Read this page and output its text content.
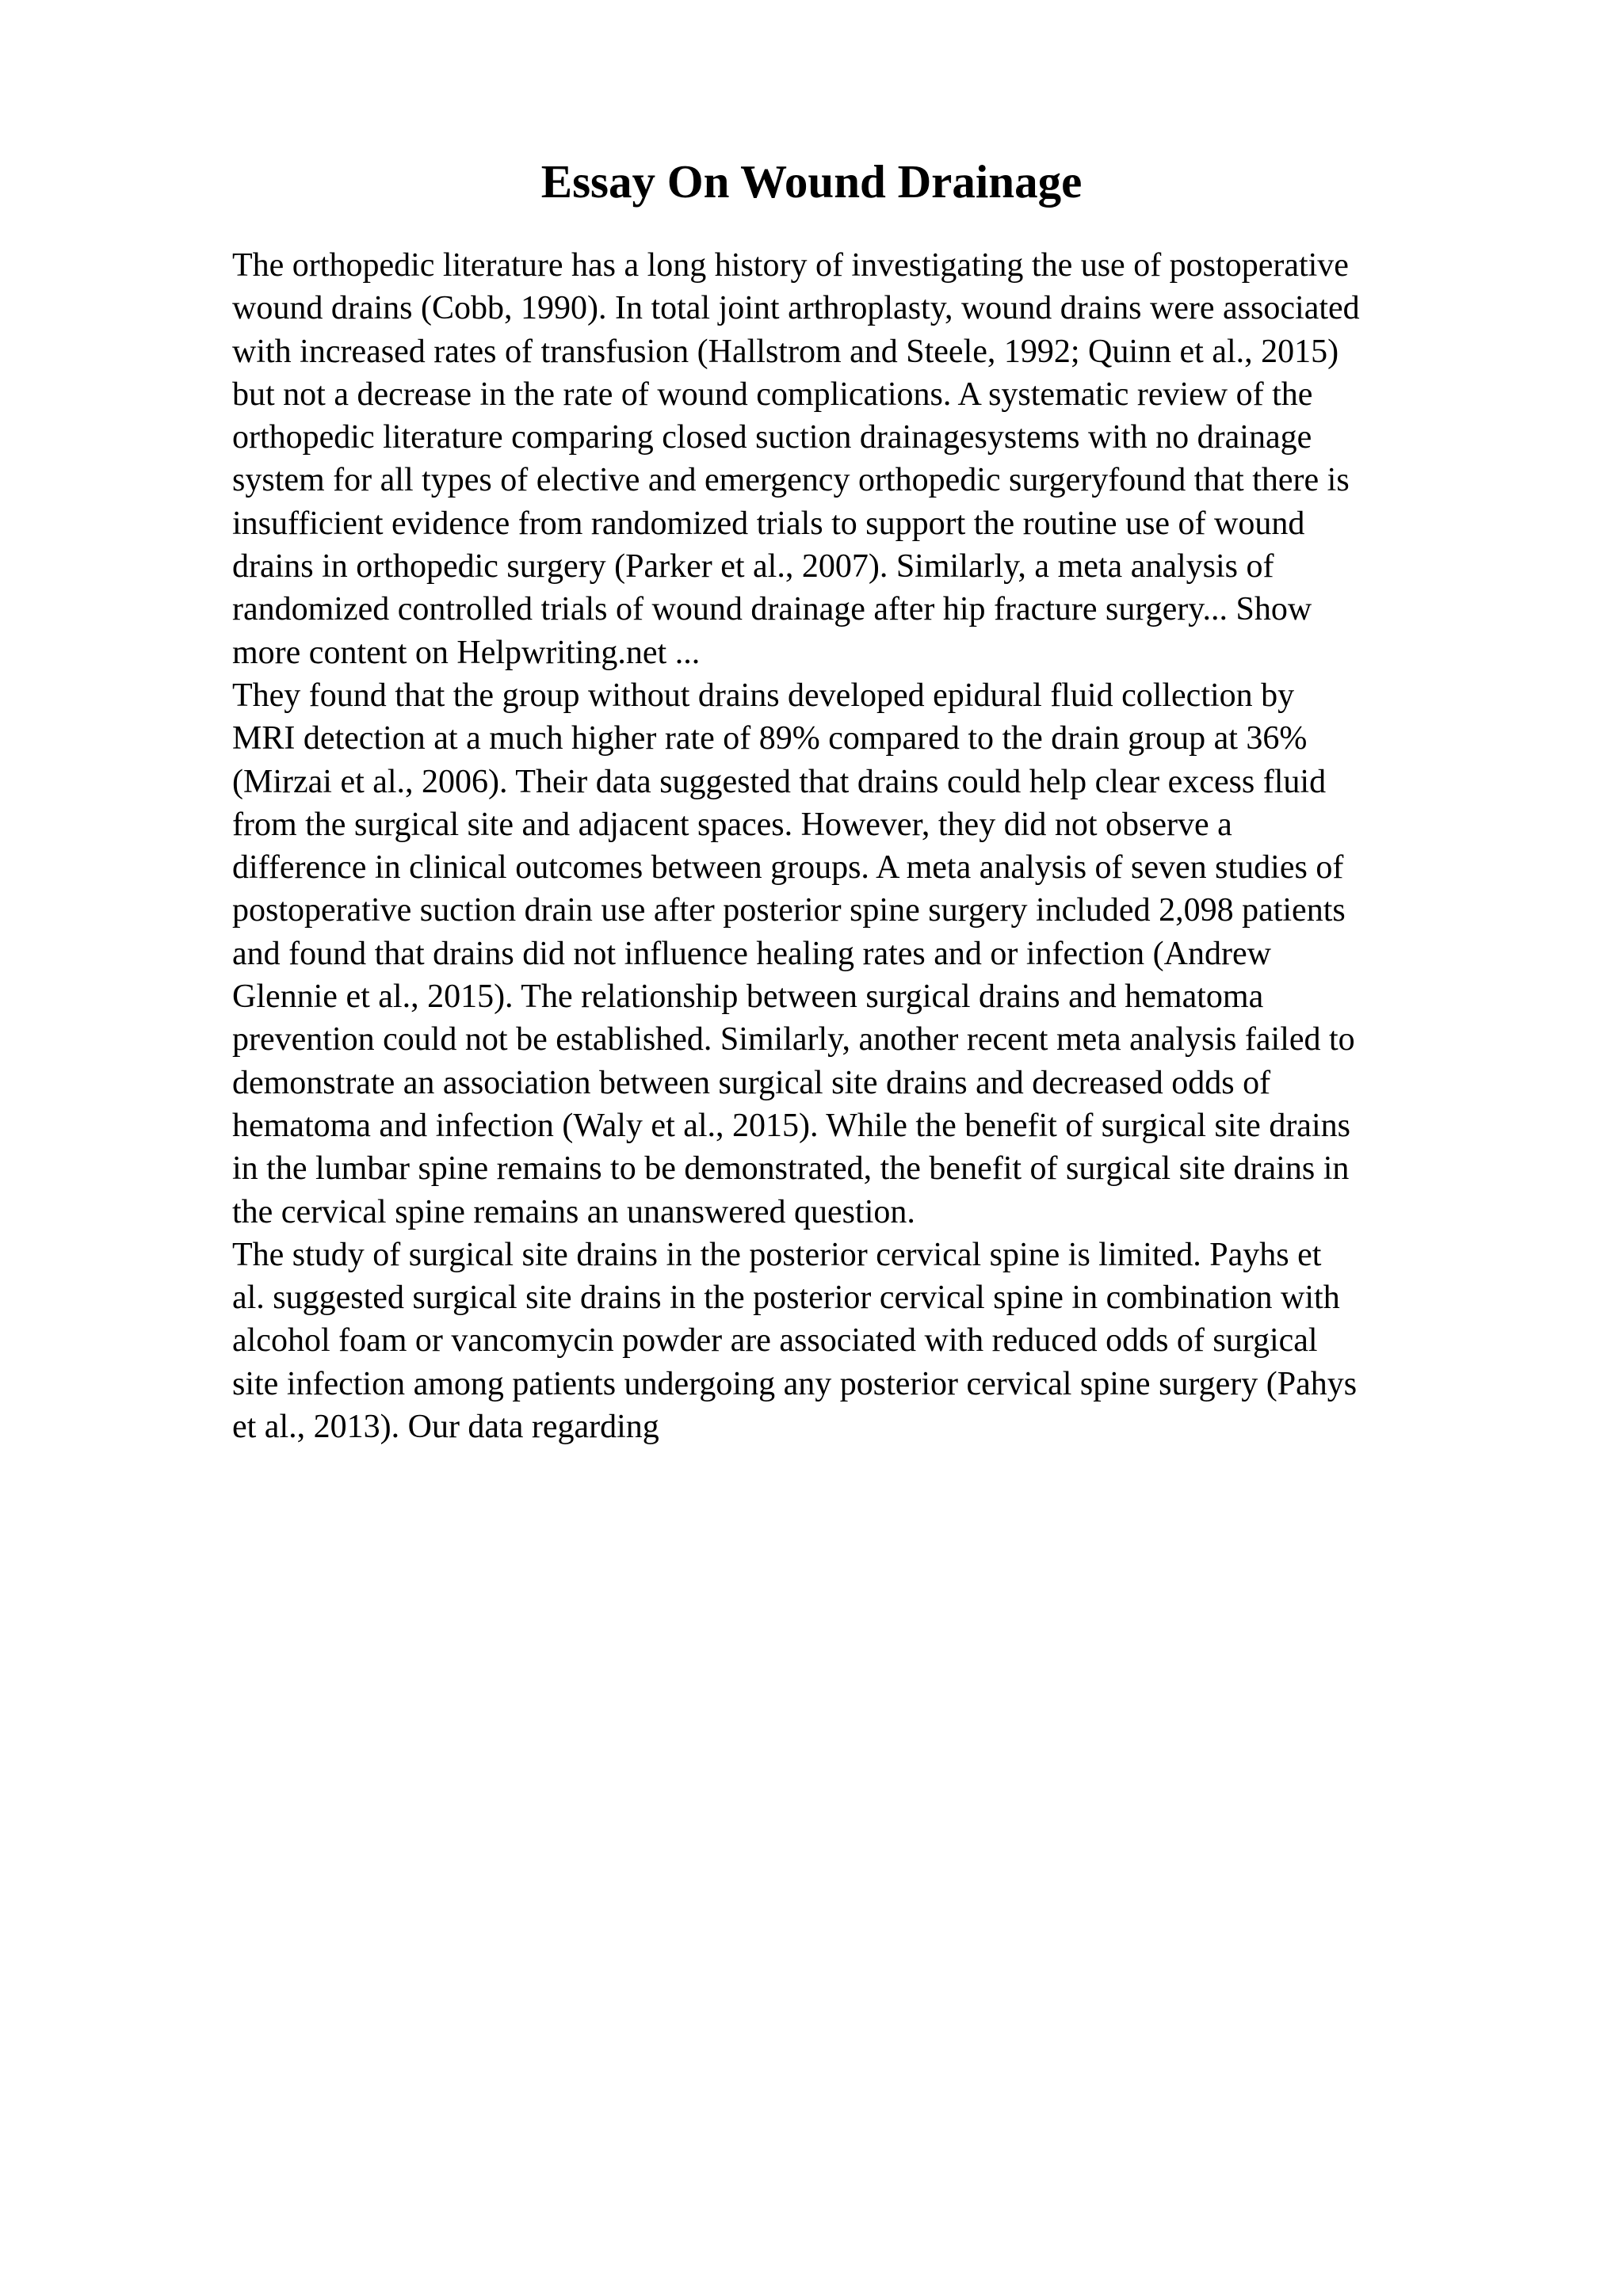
Essay On Wound Drainage
The orthopedic literature has a long history of investigating the use of postoperative
wound drains (Cobb, 1990). In total joint arthroplasty, wound drains were associated
with increased rates of transfusion (Hallstrom and Steele, 1992; Quinn et al., 2015)
but not a decrease in the rate of wound complications. A systematic review of the
orthopedic literature comparing closed suction drainagesystems with no drainage
system for all types of elective and emergency orthopedic surgeryfound that there is
insufficient evidence from randomized trials to support the routine use of wound
drains in orthopedic surgery (Parker et al., 2007). Similarly, a meta analysis of
randomized controlled trials of wound drainage after hip fracture surgery... Show
more content on Helpwriting.net ...
They found that the group without drains developed epidural fluid collection by
MRI detection at a much higher rate of 89% compared to the drain group at 36%
(Mirzai et al., 2006). Their data suggested that drains could help clear excess fluid
from the surgical site and adjacent spaces. However, they did not observe a
difference in clinical outcomes between groups. A meta analysis of seven studies of
postoperative suction drain use after posterior spine surgery included 2,098 patients
and found that drains did not influence healing rates and or infection (Andrew
Glennie et al., 2015). The relationship between surgical drains and hematoma
prevention could not be established. Similarly, another recent meta analysis failed to
demonstrate an association between surgical site drains and decreased odds of
hematoma and infection (Waly et al., 2015). While the benefit of surgical site drains
in the lumbar spine remains to be demonstrated, the benefit of surgical site drains in
the cervical spine remains an unanswered question.
The study of surgical site drains in the posterior cervical spine is limited. Payhs et
al. suggested surgical site drains in the posterior cervical spine in combination with
alcohol foam or vancomycin powder are associated with reduced odds of surgical
site infection among patients undergoing any posterior cervical spine surgery (Pahys
et al., 2013). Our data regarding
